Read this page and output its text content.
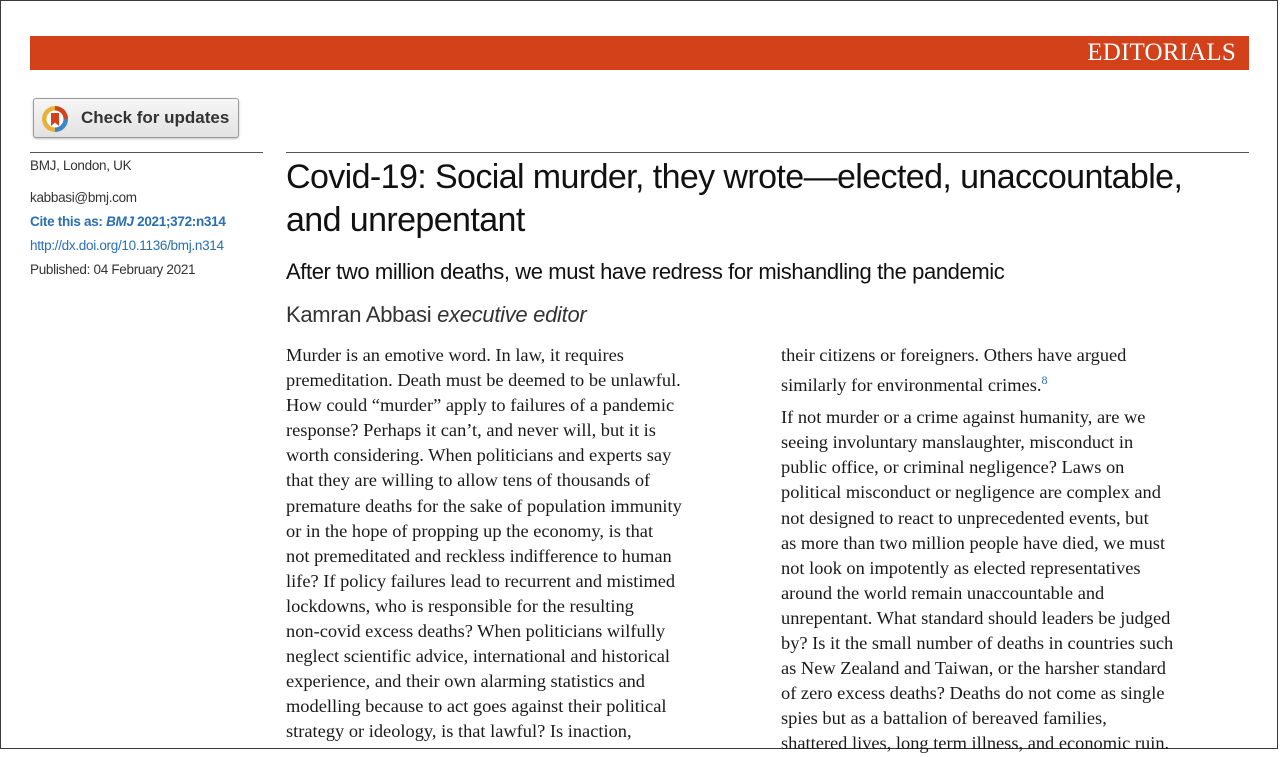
EDITORIALS
Check for updates
BMJ, London, UK
kabbasi@bmj.com
Cite this as: BMJ 2021;372:n314
http://dx.doi.org/10.1136/bmj.n314
Published: 04 February 2021
Covid-19: Social murder, they wrote—elected, unaccountable, and unrepentant
After two million deaths, we must have redress for mishandling the pandemic
Kamran Abbasi executive editor
Murder is an emotive word. In law, it requires
premeditation. Death must be deemed to be unlawful.
How could “murder” apply to failures of a pandemic
response? Perhaps it can’t, and never will, but it is
worth considering. When politicians and experts say
that they are willing to allow tens of thousands of
premature deaths for the sake of population immunity
or in the hope of propping up the economy, is that
not premeditated and reckless indifference to human
life? If policy failures lead to recurrent and mistimed
lockdowns, who is responsible for the resulting
non-covid excess deaths? When politicians wilfully
neglect scientific advice, international and historical
experience, and their own alarming statistics and
modelling because to act goes against their political
strategy or ideology, is that lawful? Is inaction,
their citizens or foreigners. Others have argued
similarly for environmental crimes.$^8$
If not murder or a crime against humanity, are we
seeing involuntary manslaughter, misconduct in
public office, or criminal negligence? Laws on
political misconduct or negligence are complex and
not designed to react to unprecedented events, but
as more than two million people have died, we must
not look on impotently as elected representatives
around the world remain unaccountable and
unrepentant. What standard should leaders be judged
by? Is it the small number of deaths in countries such
as New Zealand and Taiwan, or the harsher standard
of zero excess deaths? Deaths do not come as single
spies but as a battalion of bereaved families,
shattered lives, long term illness, and economic ruin.
